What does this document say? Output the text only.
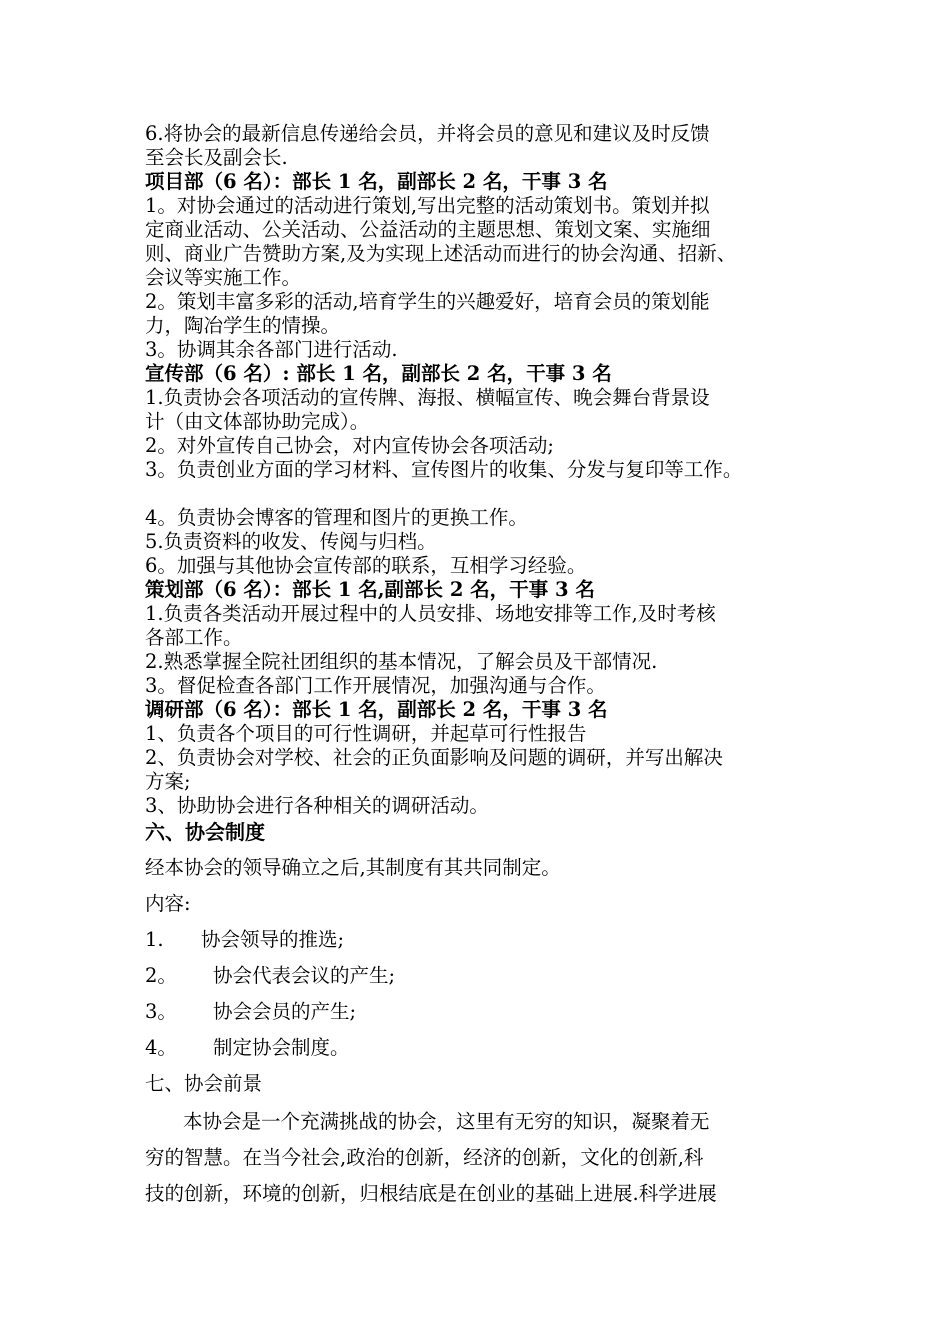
6.将协会的最新信息传递给会员，并将会员的意见和建议及时反馈
至会长及副会长.
项目部（6 名）：部长 1 名，副部长 2 名，干事 3 名
1。对协会通过的活动进行策划,写出完整的活动策划书。策划并拟
定商业活动、公关活动、公益活动的主题思想、策划文案、实施细
则、商业广告赞助方案,及为实现上述活动而进行的协会沟通、招新、
会议等实施工作。
2。策划丰富多彩的活动,培育学生的兴趣爱好，培育会员的策划能
力，陶冶学生的情操。
3。协调其余各部门进行活动.
宣传部（6 名）: 部长 1 名，副部长 2 名，干事 3 名
1.负责协会各项活动的宣传牌、海报、横幅宣传、晚会舞台背景设
计（由文体部协助完成）。
2。对外宣传自己协会，对内宣传协会各项活动;
3。负责创业方面的学习材料、宣传图片的收集、分发与复印等工作。
4。负责协会博客的管理和图片的更换工作。
5.负责资料的收发、传阅与归档。
6。加强与其他协会宣传部的联系，互相学习经验。
策划部（6 名）：部长 1 名,副部长 2 名，干事 3 名
1.负责各类活动开展过程中的人员安排、场地安排等工作,及时考核
各部工作。
2.熟悉掌握全院社团组织的基本情况，了解会员及干部情况.
3。督促检查各部门工作开展情况，加强沟通与合作。
调研部（6 名）：部长 1 名，副部长 2 名，干事 3 名
1、负责各个项目的可行性调研，并起草可行性报告
2、负责协会对学校、社会的正负面影响及问题的调研，并写出解决
方案;
3、协助协会进行各种相关的调研活动。
六、协会制度
经本协会的领导确立之后,其制度有其共同制定。
内容:
1. 协会领导的推选;
2。 协会代表会议的产生;
3。 协会会员的产生;
4。 制定协会制度。
七、协会前景
本协会是一个充满挑战的协会，这里有无穷的知识，凝聚着无
穷的智慧。在当今社会,政治的创新，经济的创新，文化的创新,科
技的创新，环境的创新，归根结底是在创业的基础上进展.科学进展
